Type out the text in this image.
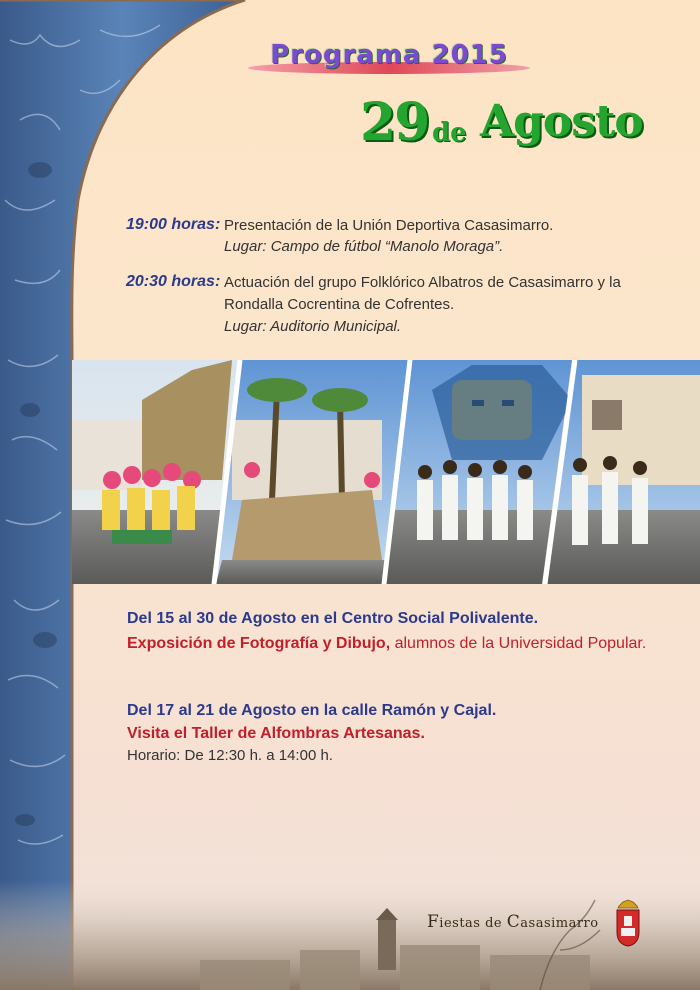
Programa 2015
29 de Agosto
19:00 horas: Presentación de la Unión Deportiva Casasimarro.
Lugar: Campo de fútbol “Manolo Moraga”.
20:30 horas: Actuación del grupo Folklórico Albatros de Casasimarro y la
Rondalla Cocrentina de Cofrentes.
Lugar: Auditorio Municipal.
Del 15 al 30 de Agosto en el Centro Social Polivalente.
Exposición de Fotografía y Dibujo, alumnos de la Universidad Popular.
Del 17 al 21 de Agosto en la calle Ramón y Cajal.
Visita el Taller de Alfombras Artesanas.
Horario: De 12:30 h. a 14:00 h.
Fiestas de Casasimarro
